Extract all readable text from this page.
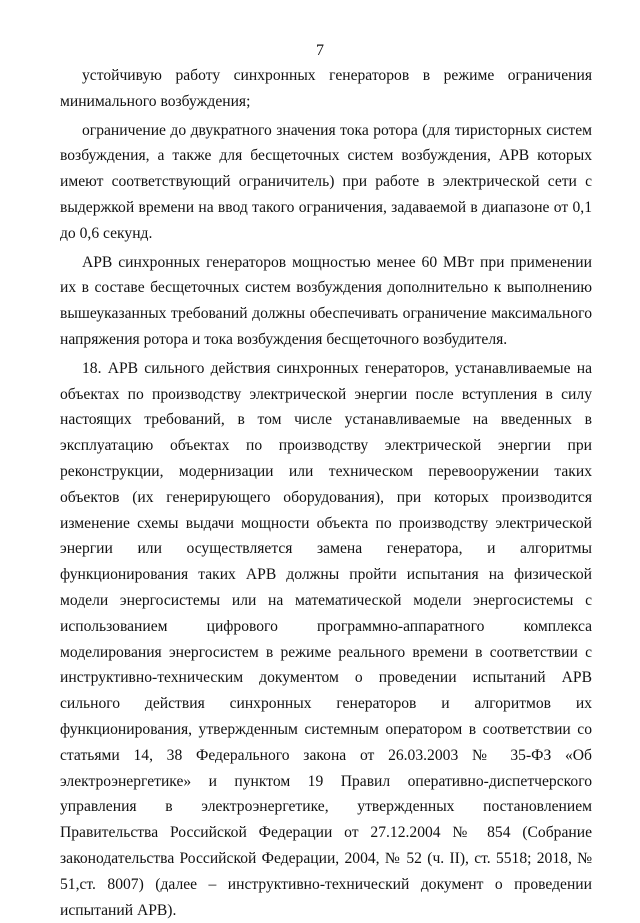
7

устойчивую работу синхронных генераторов в режиме ограничения минимального возбуждения;

ограничение до двукратного значения тока ротора (для тиристорных систем возбуждения, а также для бесщеточных систем возбуждения, АРВ которых имеют соответствующий ограничитель) при работе в электрической сети с выдержкой времени на ввод такого ограничения, задаваемой в диапазоне от 0,1 до 0,6 секунд.

АРВ синхронных генераторов мощностью менее 60 МВт при применении их в составе бесщеточных систем возбуждения дополнительно к выполнению вышеуказанных требований должны обеспечивать ограничение максимального напряжения ротора и тока возбуждения бесщеточного возбудителя.

18. АРВ сильного действия синхронных генераторов, устанавливаемые на объектах по производству электрической энергии после вступления в силу настоящих требований, в том числе устанавливаемые на введенных в эксплуатацию объектах по производству электрической энергии при реконструкции, модернизации или техническом перевооружении таких объектов (их генерирующего оборудования), при которых производится изменение схемы выдачи мощности объекта по производству электрической энергии или осуществляется замена генератора, и алгоритмы функционирования таких АРВ должны пройти испытания на физической модели энергосистемы или на математической модели энергосистемы с использованием цифрового программно-аппаратного комплекса моделирования энергосистем в режиме реального времени в соответствии с инструктивно-техническим документом о проведении испытаний АРВ сильного действия синхронных генераторов и алгоритмов их функционирования, утвержденным системным оператором в соответствии со статьями 14, 38 Федерального закона от 26.03.2003 № 35-ФЗ «Об электроэнергетике» и пунктом 19 Правил оперативно-диспетчерского управления в электроэнергетике, утвержденных постановлением Правительства Российской Федерации от 27.12.2004 № 854 (Собрание законодательства Российской Федерации, 2004, № 52 (ч. II), ст. 5518; 2018, № 51,ст. 8007) (далее – инструктивно-технический документ о проведении испытаний АРВ).
